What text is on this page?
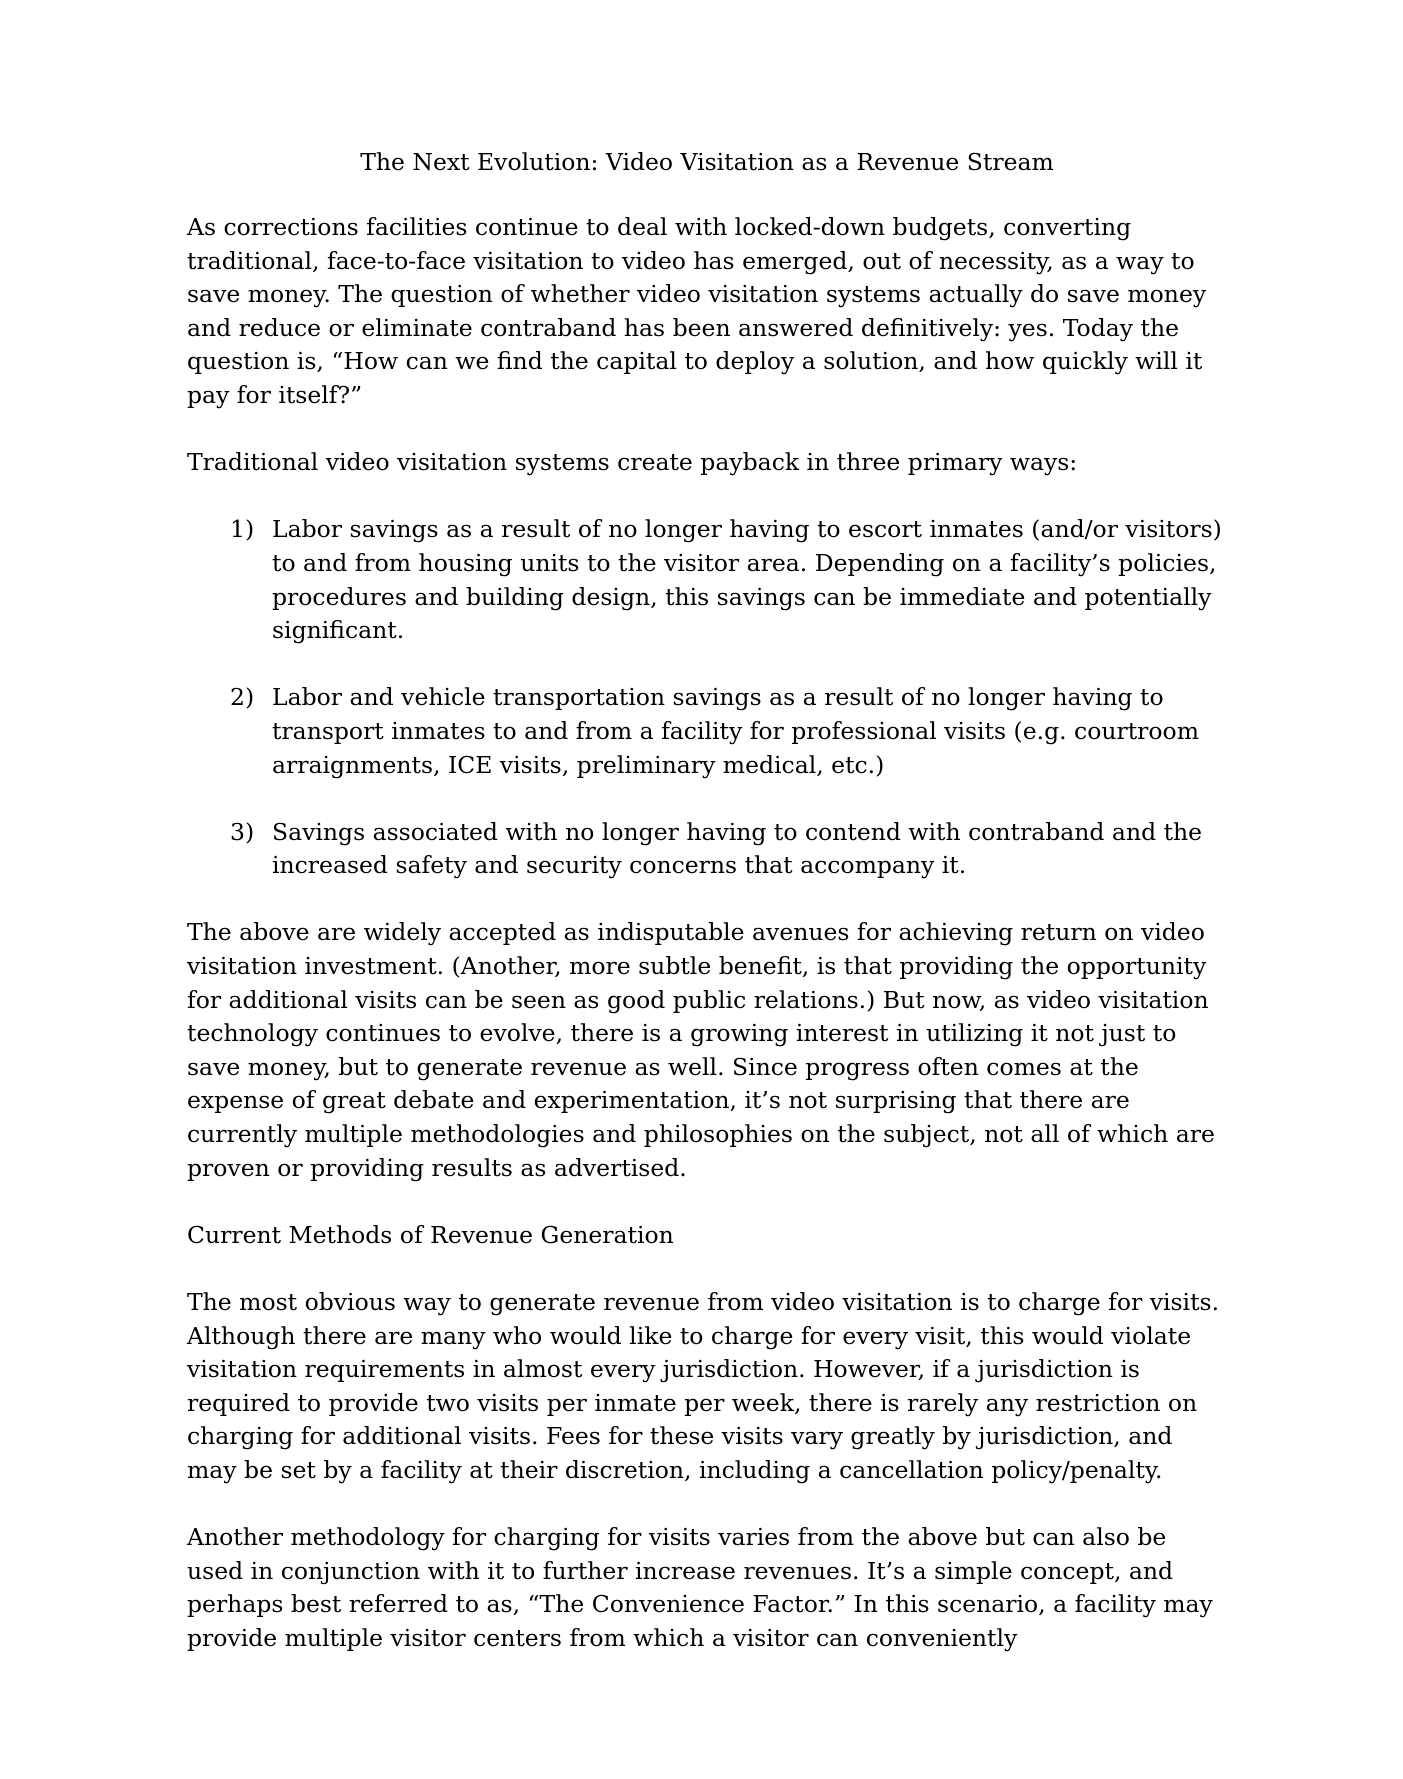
The Next Evolution: Video Visitation as a Revenue Stream

As corrections facilities continue to deal with locked-down budgets, converting traditional, face-to-face visitation to video has emerged, out of necessity, as a way to save money. The question of whether video visitation systems actually do save money and reduce or eliminate contraband has been answered definitively: yes. Today the question is, “How can we find the capital to deploy a solution, and how quickly will it pay for itself?”

Traditional video visitation systems create payback in three primary ways:

1) Labor savings as a result of no longer having to escort inmates (and/or visitors) to and from housing units to the visitor area. Depending on a facility’s policies, procedures and building design, this savings can be immediate and potentially significant.
2) Labor and vehicle transportation savings as a result of no longer having to transport inmates to and from a facility for professional visits (e.g. courtroom arraignments, ICE visits, preliminary medical, etc.)
3) Savings associated with no longer having to contend with contraband and the increased safety and security concerns that accompany it.

The above are widely accepted as indisputable avenues for achieving return on video visitation investment. (Another, more subtle benefit, is that providing the opportunity for additional visits can be seen as good public relations.) But now, as video visitation technology continues to evolve, there is a growing interest in utilizing it not just to save money, but to generate revenue as well. Since progress often comes at the expense of great debate and experimentation, it’s not surprising that there are currently multiple methodologies and philosophies on the subject, not all of which are proven or providing results as advertised.

Current Methods of Revenue Generation

The most obvious way to generate revenue from video visitation is to charge for visits. Although there are many who would like to charge for every visit, this would violate visitation requirements in almost every jurisdiction. However, if a jurisdiction is required to provide two visits per inmate per week, there is rarely any restriction on charging for additional visits. Fees for these visits vary greatly by jurisdiction, and may be set by a facility at their discretion, including a cancellation policy/penalty.

Another methodology for charging for visits varies from the above but can also be used in conjunction with it to further increase revenues. It’s a simple concept, and perhaps best referred to as, “The Convenience Factor.” In this scenario, a facility may provide multiple visitor centers from which a visitor can conveniently
